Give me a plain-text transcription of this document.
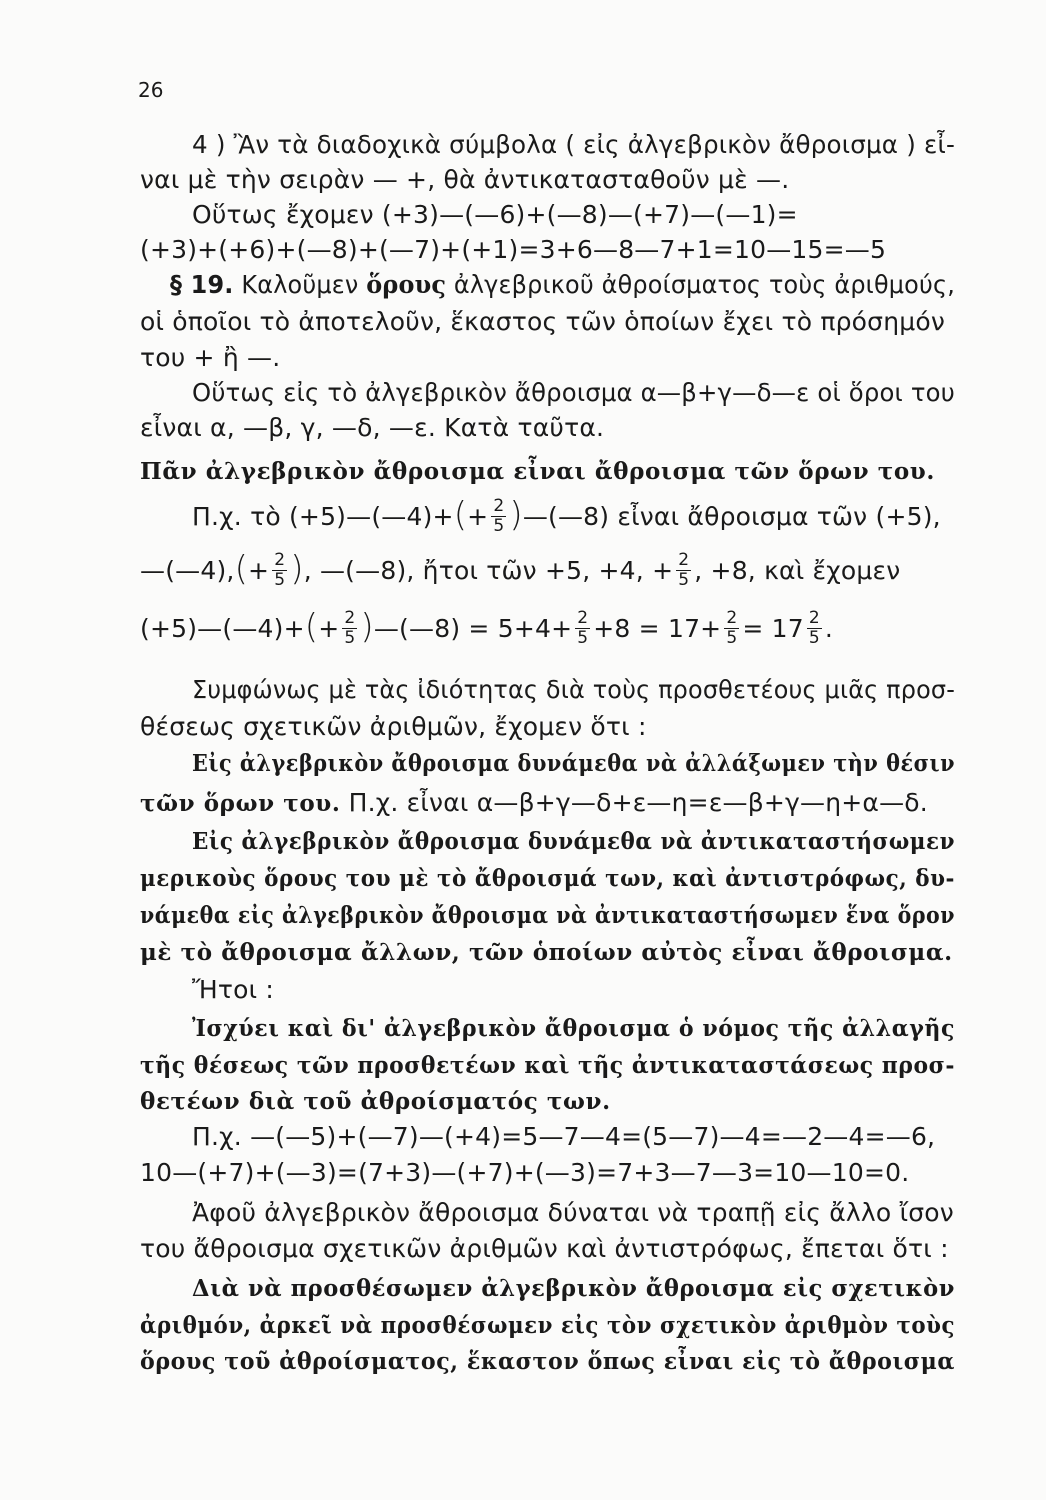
26
4 ) Ἂν τὰ διαδοχικὰ σύμβολα ( εἰς ἀλγεβρικὸν ἄθροισμα ) εἶ-
ναι μὲ τὴν σειρὰν — +, θὰ ἀντικατασταθοῦν μὲ —.
Οὕτως ἔχομεν (+3)—(—6)+(—8)—(+7)—(—1)=
(+3)+(+6)+(—8)+(—7)+(+1)=3+6—8—7+1=10—15=—5
§ 19. Καλοῦμεν ὅρους ἀλγεβρικοῦ ἀθροίσματος τοὺς ἀριθμούς,
οἱ ὁποῖοι τὸ ἀποτελοῦν, ἕκαστος τῶν ὁποίων ἔχει τὸ πρόσημόν
του + ἢ —.
Οὕτως εἰς τὸ ἀλγεβρικὸν ἄθροισμα α—β+γ—δ—ε οἱ ὅροι του
εἶναι α, —β, γ, —δ, —ε. Κατὰ ταῦτα.
Πᾶν ἀλγεβρικὸν ἄθροισμα εἶναι ἄθροισμα τῶν ὅρων του.
Π.χ. τὸ (+5)—(—4)+(+ $\frac{2}{5}$ )—(—8) εἶναι ἄθροισμα τῶν (+5),
—(—4),(+ $\frac{2}{5}$ ), —(—8), ἤτοι τῶν +5, +4, + $\frac{2}{5}$ , +8, καὶ ἔχομεν
(+5)—(—4)+(+ $\frac{2}{5}$ )—(—8) = $5+4+ \frac{2}{5} +8 = 17+ \frac{2}{5} = 17 \frac{2}{5}$ .
Συμφώνως μὲ τὰς ἰδιότητας διὰ τοὺς προσθετέους μιᾶς προσ-
θέσεως σχετικῶν ἀριθμῶν, ἔχομεν ὅτι :
Εἰς ἀλγεβρικὸν ἄθροισμα δυνάμεθα νὰ ἀλλάξωμεν τὴν θέσιν
τῶν ὅρων του. Π.χ. εἶναι α—β+γ—δ+ε—η=ε—β+γ—η+α—δ.
Εἰς ἀλγεβρικὸν ἄθροισμα δυνάμεθα νὰ ἀντικαταστήσωμεν
μερικοὺς ὅρους του μὲ τὸ ἄθροισμά των, καὶ ἀντιστρόφως, δυ-
νάμεθα εἰς ἀλγεβρικὸν ἄθροισμα νὰ ἀντικαταστήσωμεν ἕνα ὅρον
μὲ τὸ ἄθροισμα ἄλλων, τῶν ὁποίων αὐτὸς εἶναι ἄθροισμα.
Ἤτοι :
Ἰσχύει καὶ δι' ἀλγεβρικὸν ἄθροισμα ὁ νόμος τῆς ἀλλαγῆς
τῆς θέσεως τῶν προσθετέων καὶ τῆς ἀντικαταστάσεως προσ-
θετέων διὰ τοῦ ἀθροίσματός των.
Π.χ. —(—5)+(—7)—(+4)=5—7—4=(5—7)—4=—2—4=—6,
10—(+7)+(—3)=(7+3)—(+7)+(—3)=7+3—7—3=10—10=0.
Ἀφοῦ ἀλγεβρικὸν ἄθροισμα δύναται νὰ τραπῇ εἰς ἄλλο ἴσον
του ἄθροισμα σχετικῶν ἀριθμῶν καὶ ἀντιστρόφως, ἔπεται ὅτι :
Διὰ νὰ προσθέσωμεν ἀλγεβρικὸν ἄθροισμα εἰς σχετικὸν
ἀριθμόν, ἀρκεῖ νὰ προσθέσωμεν εἰς τὸν σχετικὸν ἀριθμὸν τοὺς
ὅρους τοῦ ἀθροίσματος, ἕκαστον ὅπως εἶναι εἰς τὸ ἄθροισμα
